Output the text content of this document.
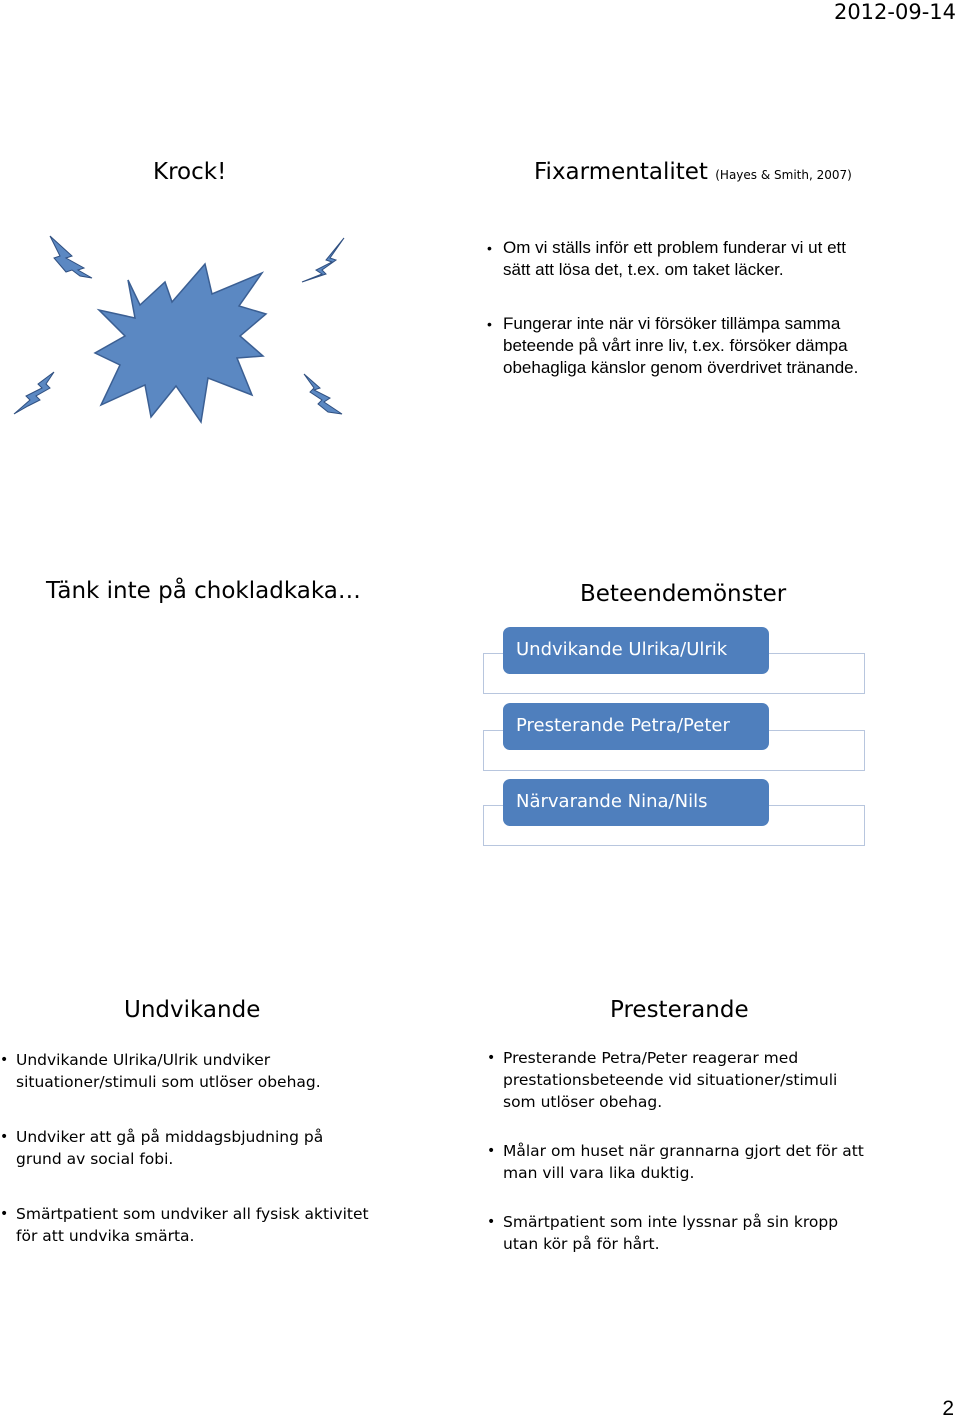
2012-09-14
Krock!	Fixarmentalitet (Hayes & Smith, 2007)
• Om vi ställs inför ett problem funderar vi ut ett sätt att lösa det, t.ex. om taket läcker.
• Fungerar inte när vi försöker tillämpa samma beteende på vårt inre liv, t.ex. försöker dämpa obehagliga känslor genom överdrivet tränande.
Tänk inte på chokladkaka…	Beteendemönster
Undvikande Ulrika/Ulrik
Presterande Petra/Peter
Närvarande Nina/Nils
Undvikande
• Undvikande Ulrika/Ulrik undviker situationer/stimuli som utlöser obehag.
• Undviker att gå på middagsbjudning på grund av social fobi.
• Smärtpatient som undviker all fysisk aktivitet för att undvika smärta.
Presterande
• Presterande Petra/Peter reagerar med prestationsbeteende vid situationer/stimuli som utlöser obehag.
• Målar om huset när grannarna gjort det för att man vill vara lika duktig.
• Smärtpatient som inte lyssnar på sin kropp utan kör på för hårt.
2
